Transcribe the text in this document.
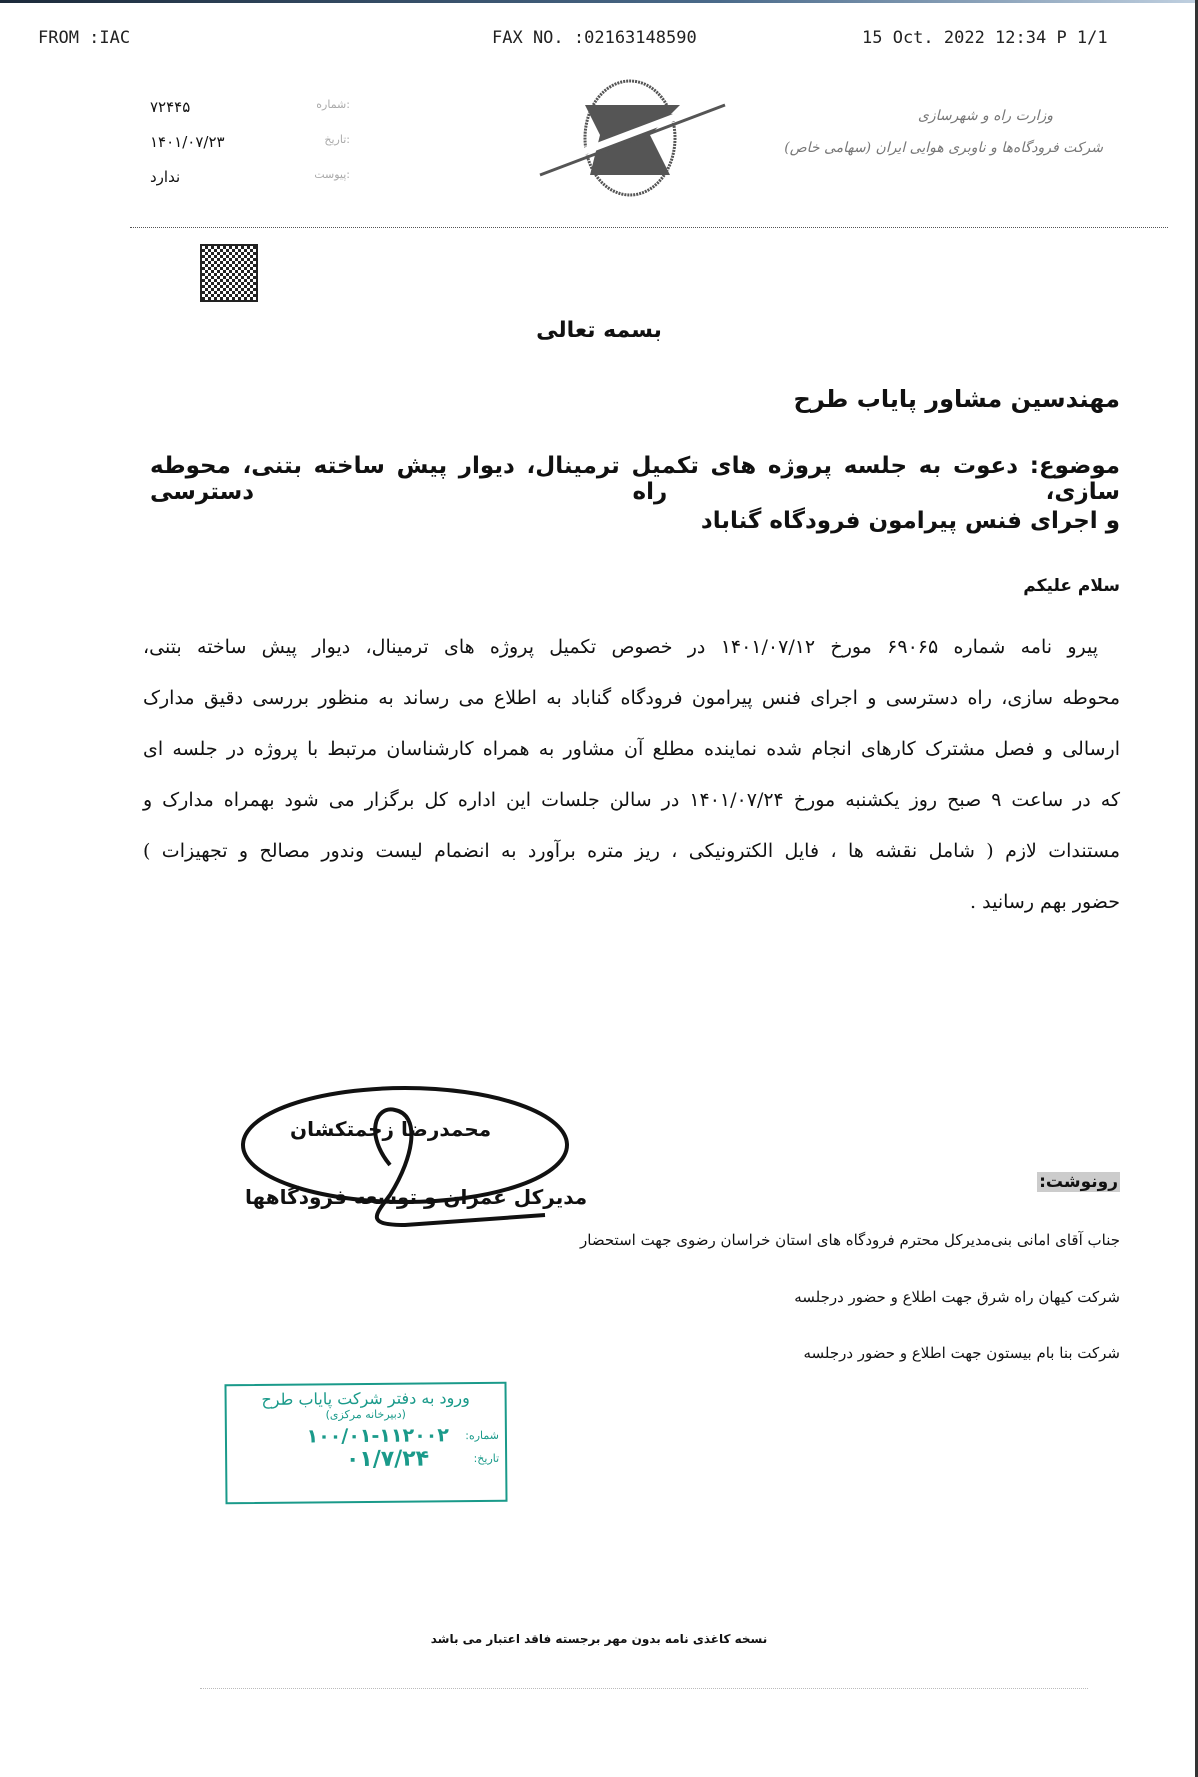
FROM :IAC	FAX NO. :02163148590	15 Oct. 2022 12:34 P 1/1
۷۲۴۴۵	شماره:
۱۴۰۱/۰۷/۲۳	تاریخ:
ندارد	پیوست:
وزارت راه و شهرسازی
شرکت فرودگاه‌ها و ناوبری هوایی ایران (سهامی خاص)
بسمه تعالی
مهندسین مشاور پایاب طرح
موضوع: دعوت به جلسه پروژه های تکمیل ترمینال، دیوار پیش ساخته بتنی، محوطه سازی، راه دسترسی
و اجرای فنس پیرامون فرودگاه گناباد
سلام علیکم
پیرو نامه شماره ۶۹۰۶۵ مورخ ۱۴۰۱/۰۷/۱۲ در خصوص تکمیل پروژه های ترمینال، دیوار پیش ساخته بتنی،
محوطه سازی، راه دسترسی و اجرای فنس پیرامون فرودگاه گناباد به اطلاع می رساند به منظور بررسی دقیق مدارک
ارسالی و فصل مشترک کارهای انجام شده نماینده مطلع آن مشاور به همراه کارشناسان مرتبط با پروژه در جلسه ای
که در ساعت ۹ صبح روز یکشنبه مورخ ۱۴۰۱/۰۷/۲۴ در سالن جلسات این اداره کل برگزار می شود بهمراه مدارک و
مستندات لازم ( شامل نقشه ها ، فایل الکترونیکی ، ریز متره برآورد به انضمام لیست وندور مصالح و تجهیزات )
حضور بهم رسانید .
محمدرضا زحمتکشان
مدیرکل عمران و توسعه فرودگاهها
رونوشت:
جناب آقای امانی بنی‌مدیرکل محترم فرودگاه های استان خراسان رضوی جهت استحضار
شرکت کیهان راه شرق جهت اطلاع و حضور درجلسه
شرکت بنا بام بیستون جهت اطلاع و حضور درجلسه
ورود به دفتر شرکت پایاب طرح
(دبیرخانه مرکزی)
شماره:
۱۰۰/۰۱-۱۱۲۰۰۲
تاریخ:
۰۱/۷/۲۴
نسخه کاغذی نامه بدون مهر برجسته فاقد اعتبار می باشد
